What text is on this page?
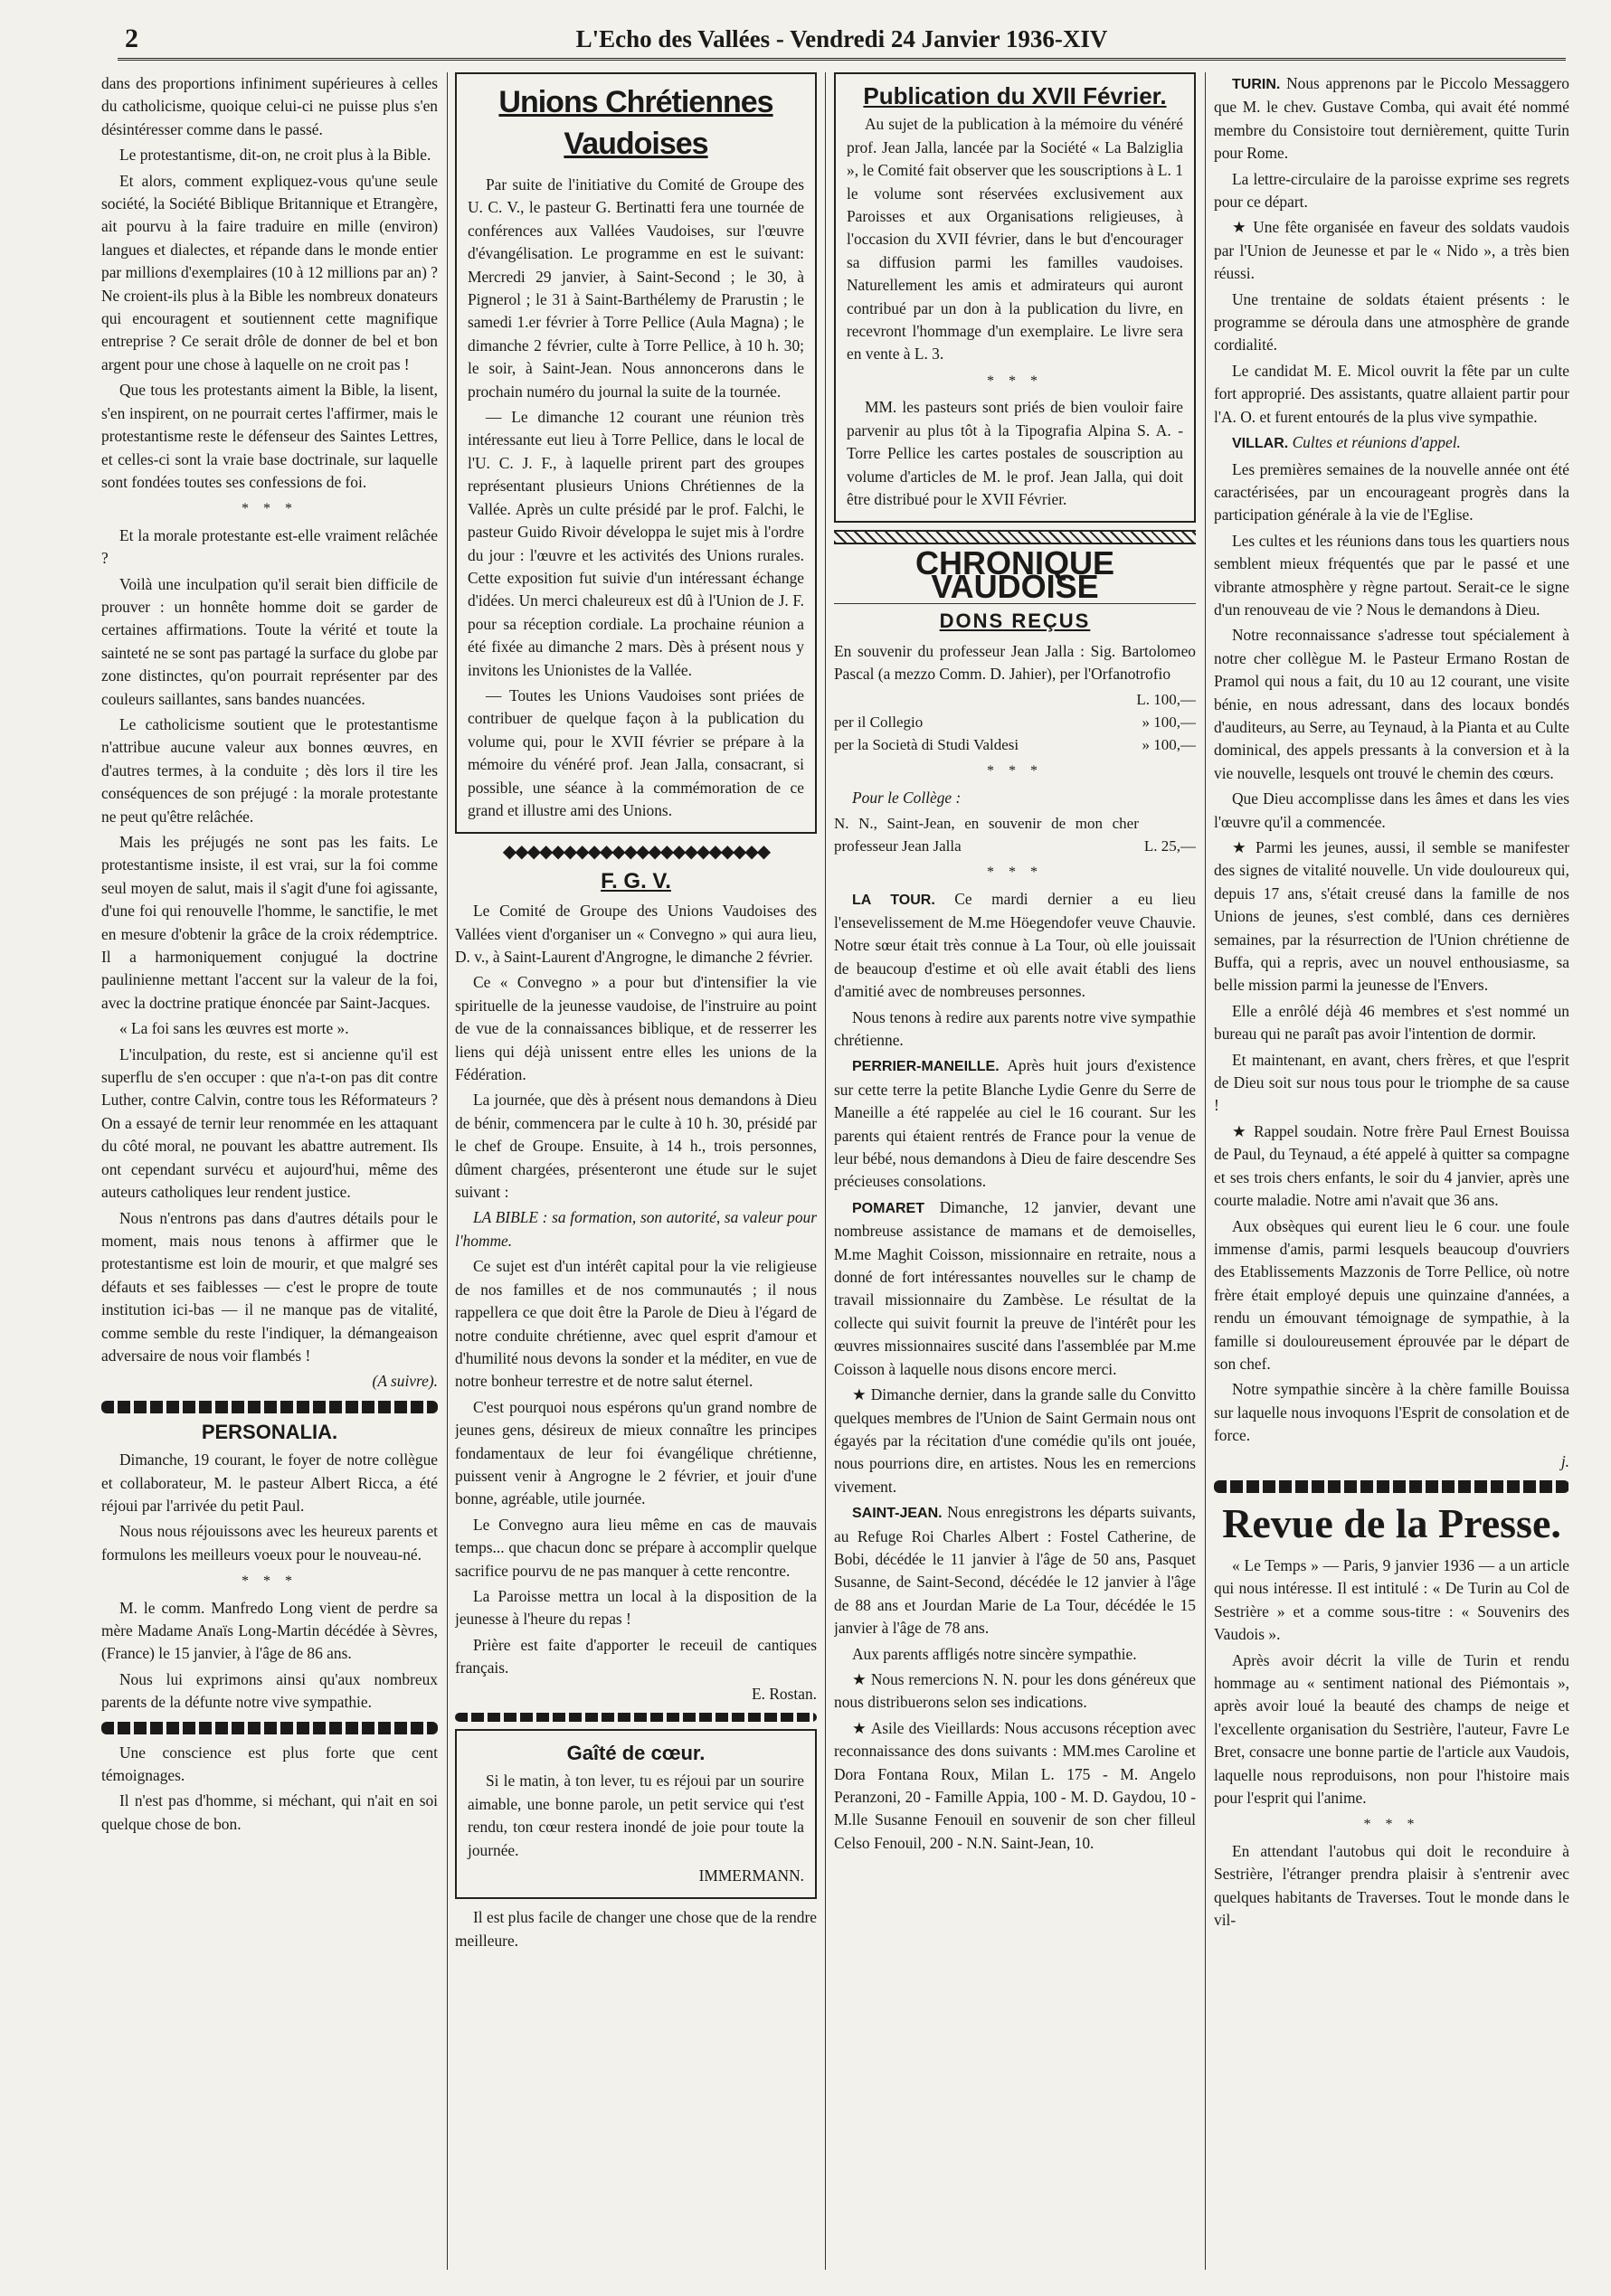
2	L'Echo des Vallées - Vendredi 24 Janvier 1936-XIV

dans des proportions infiniment supérieures à celles du catholicisme, quoique celui-ci ne puisse plus s'en désintéresser comme dans le passé.

Le protestantisme, dit-on, ne croit plus à la Bible.

Et alors, comment expliquez-vous qu'une seule société, la Société Biblique Britannique et Etrangère, ait pourvu à la faire traduire en mille (environ) langues et dialectes, et répande dans le monde entier par millions d'exemplaires (10 à 12 millions par an) ? Ne croient-ils plus à la Bible les nombreux donateurs qui encouragent et soutiennent cette magnifique entreprise ? Ce serait drôle de donner de bel et bon argent pour une chose à laquelle on ne croit pas !

Que tous les protestants aiment la Bible, la lisent, s'en inspirent, on ne pourrait certes l'affirmer, mais le protestantisme reste le défenseur des Saintes Lettres, et celles-ci sont la vraie base doctrinale, sur laquelle sont fondées toutes ses confessions de foi.

* * *

Et la morale protestante est-elle vraiment relâchée ?

Voilà une inculpation qu'il serait bien difficile de prouver : un honnête homme doit se garder de certaines affirmations. Toute la vérité et toute la sainteté ne se sont pas partagé la surface du globe par zone distinctes, qu'on pourrait représenter par des couleurs saillantes, sans bandes nuancées.

Le catholicisme soutient que le protestantisme n'attribue aucune valeur aux bonnes œuvres, en d'autres termes, à la conduite ; dès lors il tire les conséquences de son préjugé : la morale protestante ne peut qu'être relâchée.

Mais les préjugés ne sont pas les faits. Le protestantisme insiste, il est vrai, sur la foi comme seul moyen de salut, mais il s'agit d'une foi agissante, d'une foi qui renouvelle l'homme, le sanctifie, le met en mesure d'obtenir la grâce de la croix rédemptrice. Il a harmoniquement conjugué la doctrine paulinienne mettant l'accent sur la valeur de la foi, avec la doctrine pratique énoncée par Saint-Jacques.

« La foi sans les œuvres est morte ».

L'inculpation, du reste, est si ancienne qu'il est superflu de s'en occuper : que n'a-t-on pas dit contre Luther, contre Calvin, contre tous les Réformateurs ? On a essayé de ternir leur renommée en les attaquant du côté moral, ne pouvant les abattre autrement. Ils ont cependant survécu et aujourd'hui, même des auteurs catholiques leur rendent justice.

Nous n'entrons pas dans d'autres détails pour le moment, mais nous tenons à affirmer que le protestantisme est loin de mourir, et que malgré ses défauts et ses faiblesses — c'est le propre de toute institution ici-bas — il ne manque pas de vitalité, comme semble du reste l'indiquer, la démangeaison adversaire de nous voir flambés !

(A suivre).

PERSONALIA.

Dimanche, 19 courant, le foyer de notre collègue et collaborateur, M. le pasteur Albert Ricca, a été réjoui par l'arrivée du petit Paul.

Nous nous réjouissons avec les heureux parents et formulons les meilleurs voeux pour le nouveau-né.

* * *

M. le comm. Manfredo Long vient de perdre sa mère Madame Anaïs Long-Martin décédée à Sèvres, (France) le 15 janvier, à l'âge de 86 ans.

Nous lui exprimons ainsi qu'aux nombreux parents de la défunte notre vive sympathie.

Une conscience est plus forte que cent témoignages.

Il n'est pas d'homme, si méchant, qui n'ait en soi quelque chose de bon.

Unions Chrétiennes Vaudoises

Par suite de l'initiative du Comité de Groupe des U. C. V., le pasteur G. Bertinatti fera une tournée de conférences aux Vallées Vaudoises, sur l'œuvre d'évangélisation. Le programme en est le suivant: Mercredi 29 janvier, à Saint-Second ; le 30, à Pignerol ; le 31 à Saint-Barthélemy de Prarustin ; le samedi 1.er février à Torre Pellice (Aula Magna) ; le dimanche 2 février, culte à Torre Pellice, à 10 h. 30; le soir, à Saint-Jean. Nous annoncerons dans le prochain numéro du journal la suite de la tournée.

— Le dimanche 12 courant une réunion très intéressante eut lieu à Torre Pellice, dans le local de l'U. C. J. F., à laquelle prirent part des groupes représentant plusieurs Unions Chrétiennes de la Vallée. Après un culte présidé par le prof. Falchi, le pasteur Guido Rivoir développa le sujet mis à l'ordre du jour : l'œuvre et les activités des Unions rurales. Cette exposition fut suivie d'un intéressant échange d'idées. Un merci chaleureux est dû à l'Union de J. F. pour sa réception cordiale. La prochaine réunion a été fixée au dimanche 2 mars. Dès à présent nous y invitons les Unionistes de la Vallée.

— Toutes les Unions Vaudoises sont priées de contribuer de quelque façon à la publication du volume qui, pour le XVII février se prépare à la mémoire du vénéré prof. Jean Jalla, consacrant, si possible, une séance à la commémoration de ce grand et illustre ami des Unions.

◆◆◆◆◆◆◆◆◆◆◆◆◆◆◆◆◆◆◆◆◆◆
F. G. V.

Le Comité de Groupe des Unions Vaudoises des Vallées vient d'organiser un « Convegno » qui aura lieu, D. v., à Saint-Laurent d'Angrogne, le dimanche 2 février.

Ce « Convegno » a pour but d'intensifier la vie spirituelle de la jeunesse vaudoise, de l'instruire au point de vue de la connaissances biblique, et de resserrer les liens qui déjà unissent entre elles les unions de la Fédération.

La journée, que dès à présent nous demandons à Dieu de bénir, commencera par le culte à 10 h. 30, présidé par le chef de Groupe. Ensuite, à 14 h., trois personnes, dûment chargées, présenteront une étude sur le sujet suivant :

LA BIBLE : sa formation, son autorité, sa valeur pour l'homme.

Ce sujet est d'un intérêt capital pour la vie religieuse de nos familles et de nos communautés ; il nous rappellera ce que doit être la Parole de Dieu à l'égard de notre conduite chrétienne, avec quel esprit d'amour et d'humilité nous devons la sonder et la méditer, en vue de notre bonheur terrestre et de notre salut éternel.

C'est pourquoi nous espérons qu'un grand nombre de jeunes gens, désireux de mieux connaître les principes fondamentaux de leur foi évangélique chrétienne, puissent venir à Angrogne le 2 février, et jouir d'une bonne, agréable, utile journée.

Le Convegno aura lieu même en cas de mauvais temps... que chacun donc se prépare à accomplir quelque sacrifice pourvu de ne pas manquer à cette rencontre.

La Paroisse mettra un local à la disposition de la jeunesse à l'heure du repas !

Prière est faite d'apporter le receuil de cantiques français.

E. Rostan.

Gaîté de cœur.

Si le matin, à ton lever, tu es réjoui par un sourire aimable, une bonne parole, un petit service qui t'est rendu, ton cœur restera inondé de joie pour toute la journée.

IMMERMANN.

Il est plus facile de changer une chose que de la rendre meilleure.

Publication du XVII Février.

Au sujet de la publication à la mémoire du vénéré prof. Jean Jalla, lancée par la Société « La Balziglia », le Comité fait observer que les souscriptions à L. 1 le volume sont réservées exclusivement aux Paroisses et aux Organisations religieuses, à l'occasion du XVII février, dans le but d'encourager sa diffusion parmi les familles vaudoises. Naturellement les amis et admirateurs qui auront contribué par un don à la publication du livre, en recevront l'hommage d'un exemplaire. Le livre sera en vente à L. 3.

* * *

MM. les pasteurs sont priés de bien vouloir faire parvenir au plus tôt à la Tipografia Alpina S. A. - Torre Pellice les cartes postales de souscription au volume d'articles de M. le prof. Jean Jalla, qui doit être distribué pour le XVII Février.

CHRONIQUE VAUDOISE
DONS REÇUS

En souvenir du professeur Jean Jalla : Sig. Bartolomeo Pascal (a mezzo Comm. D. Jahier), per l'Orfanotrofio

	L. 100,—
per il Collegio	» 100,—
per la Società di Studi Valdesi	» 100,—
* * *

Pour le Collège :

N. N., Saint-Jean, en souvenir de mon cher professeur Jean Jalla	L. 25,—
* * *

LA TOUR. Ce mardi dernier a eu lieu l'ensevelissement de M.me Höegendofer veuve Chauvie. Notre sœur était très connue à La Tour, où elle jouissait de beaucoup d'estime et où elle avait établi des liens d'amitié avec de nombreuses personnes.

Nous tenons à redire aux parents notre vive sympathie chrétienne.

PERRIER-MANEILLE. Après huit jours d'existence sur cette terre la petite Blanche Lydie Genre du Serre de Maneille a été rappelée au ciel le 16 courant. Sur les parents qui étaient rentrés de France pour la venue de leur bébé, nous demandons à Dieu de faire descendre Ses précieuses consolations.

POMARET Dimanche, 12 janvier, devant une nombreuse assistance de mamans et de demoiselles, M.me Maghit Coisson, missionnaire en retraite, nous a donné de fort intéressantes nouvelles sur le champ de travail missionnaire du Zambèse. Le résultat de la collecte qui suivit fournit la preuve de l'intérêt pour les œuvres missionnaires suscité dans l'assemblée par M.me Coisson à laquelle nous disons encore merci.

★ Dimanche dernier, dans la grande salle du Convitto quelques membres de l'Union de Saint Germain nous ont égayés par la récitation d'une comédie qu'ils ont jouée, nous pourrions dire, en artistes. Nous les en remercions vivement.

SAINT-JEAN. Nous enregistrons les départs suivants, au Refuge Roi Charles Albert : Fostel Catherine, de Bobi, décédée le 11 janvier à l'âge de 50 ans, Pasquet Susanne, de Saint-Second, décédée le 12 janvier à l'âge de 88 ans et Jourdan Marie de La Tour, décédée le 15 janvier à l'âge de 78 ans.

Aux parents affligés notre sincère sympathie.

★ Nous remercions N. N. pour les dons généreux que nous distribuerons selon ses indications.

★ Asile des Vieillards: Nous accusons réception avec reconnaissance des dons suivants : MM.mes Caroline et Dora Fontana Roux, Milan L. 175 - M. Angelo Peranzoni, 20 - Famille Appia, 100 - M. D. Gaydou, 10 - M.lle Susanne Fenouil en souvenir de son cher filleul Celso Fenouil, 200 - N.N. Saint-Jean, 10.

TURIN. Nous apprenons par le Piccolo Messaggero que M. le chev. Gustave Comba, qui avait été nommé membre du Consistoire tout dernièrement, quitte Turin pour Rome.

La lettre-circulaire de la paroisse exprime ses regrets pour ce départ.

★ Une fête organisée en faveur des soldats vaudois par l'Union de Jeunesse et par le « Nido », a très bien réussi.

Une trentaine de soldats étaient présents : le programme se déroula dans une atmosphère de grande cordialité.

Le candidat M. E. Micol ouvrit la fête par un culte fort approprié. Des assistants, quatre allaient partir pour l'A. O. et furent entourés de la plus vive sympathie.

VILLAR. Cultes et réunions d'appel.

Les premières semaines de la nouvelle année ont été caractérisées, par un encourageant progrès dans la participation générale à la vie de l'Eglise.

Les cultes et les réunions dans tous les quartiers nous semblent mieux fréquentés que par le passé et une vibrante atmosphère y règne partout. Serait-ce le signe d'un renouveau de vie ? Nous le demandons à Dieu.

Notre reconnaissance s'adresse tout spécialement à notre cher collègue M. le Pasteur Ermano Rostan de Pramol qui nous a fait, du 10 au 12 courant, une visite bénie, en nous adressant, dans des locaux bondés d'auditeurs, au Serre, au Teynaud, à la Pianta et au Culte dominical, des appels pressants à la conversion et à la vie nouvelle, lesquels ont trouvé le chemin des cœurs.

Que Dieu accomplisse dans les âmes et dans les vies l'œuvre qu'il a commencée.

★ Parmi les jeunes, aussi, il semble se manifester des signes de vitalité nouvelle. Un vide douloureux qui, depuis 17 ans, s'était creusé dans la famille de nos Unions de jeunes, s'est comblé, dans ces dernières semaines, par la résurrection de l'Union chrétienne de Buffa, qui a repris, avec un nouvel enthousiasme, sa belle mission parmi la jeunesse de l'Envers.

Elle a enrôlé déjà 46 membres et s'est nommé un bureau qui ne paraît pas avoir l'intention de dormir.

Et maintenant, en avant, chers frères, et que l'esprit de Dieu soit sur nous tous pour le triomphe de sa cause !

★ Rappel soudain. Notre frère Paul Ernest Bouissa de Paul, du Teynaud, a été appelé à quitter sa compagne et ses trois chers enfants, le soir du 4 janvier, après une courte maladie. Notre ami n'avait que 36 ans.

Aux obsèques qui eurent lieu le 6 cour. une foule immense d'amis, parmi lesquels beaucoup d'ouvriers des Etablissements Mazzonis de Torre Pellice, où notre frère était employé depuis une quinzaine d'années, a rendu un émouvant témoignage de sympathie, à la famille si douloureusement éprouvée par le départ de son chef.

Notre sympathie sincère à la chère famille Bouissa sur laquelle nous invoquons l'Esprit de consolation et de force.

j.

Revue de la Presse.

« Le Temps » — Paris, 9 janvier 1936 — a un article qui nous intéresse. Il est intitulé : « De Turin au Col de Sestrière » et a comme sous-titre : « Souvenirs des Vaudois ».

Après avoir décrit la ville de Turin et rendu hommage au « sentiment national des Piémontais », après avoir loué la beauté des champs de neige et l'excellente organisation du Sestrière, l'auteur, Favre Le Bret, consacre une bonne partie de l'article aux Vaudois, laquelle nous reproduisons, non pour l'histoire mais pour l'esprit qui l'anime.

* * *

En attendant l'autobus qui doit le reconduire à Sestrière, l'étranger prendra plaisir à s'entrenir avec quelques habitants de Traverses. Tout le monde dans le vil-
